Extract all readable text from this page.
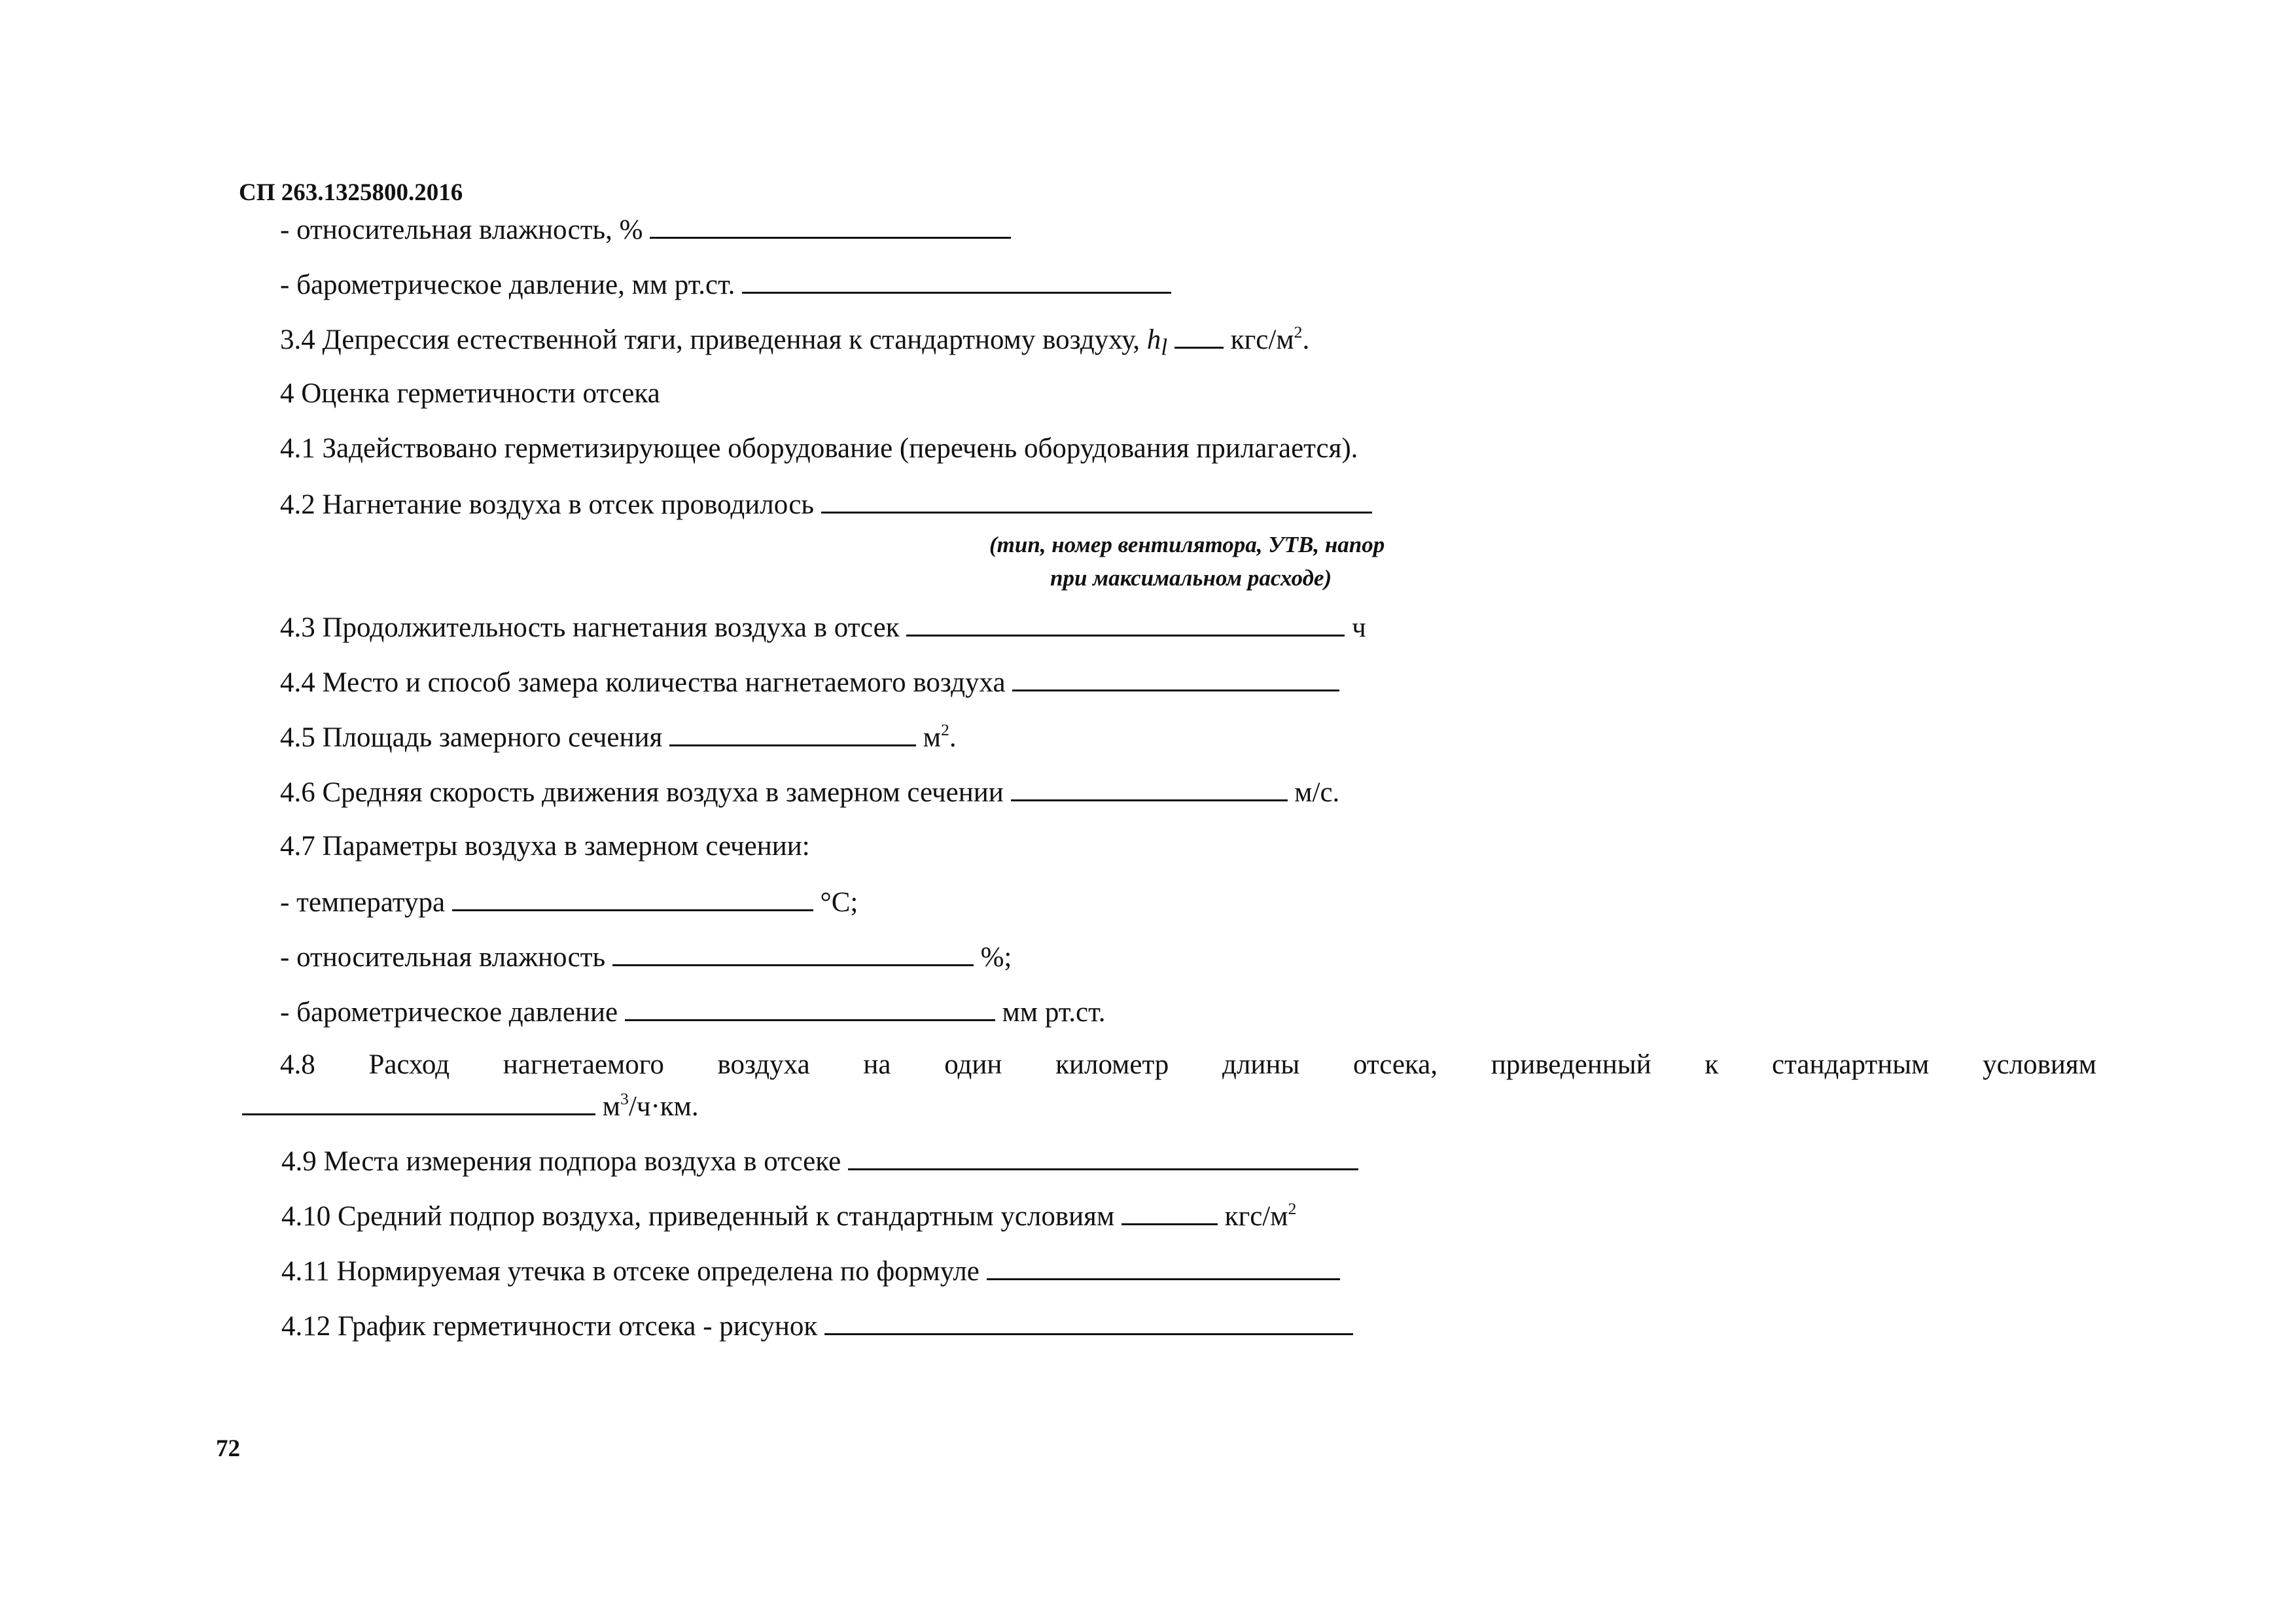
СП 263.1325800.2016
- относительная влажность, %
- барометрическое давление, мм рт.ст.
3.4 Депрессия естественной тяги, приведенная к стандартному воздуху, $h_l$ кгс/$м^2$.
4 Оценка герметичности отсека
4.1 Задействовано герметизирующее оборудование (перечень оборудования прилагается).
4.2 Нагнетание воздуха в отсек проводилось
(тип, номер вентилятора, УТВ, напор
при максимальном расходе)
4.3 Продолжительность нагнетания воздуха в отсек	ч
4.4 Место и способ замера количества нагнетаемого воздуха
4.5 Площадь замерного сечения	$м^2$.
4.6 Средняя скорость движения воздуха в замерном сечении	м/с.
4.7 Параметры воздуха в замерном сечении:
- температура	°С;
- относительная влажность	%;
- барометрическое давление	мм рт.ст.
4.8 Расход нагнетаемого воздуха на один километр длины отсека, приведенный к стандартным условиям
$м^3/ч\cdot км$.
4.9 Места измерения подпора воздуха в отсеке
4.10 Средний подпор воздуха, приведенный к стандартным условиям	кгс/$м^2$
4.11 Нормируемая утечка в отсеке определена по формуле
4.12 График герметичности отсека - рисунок
72
